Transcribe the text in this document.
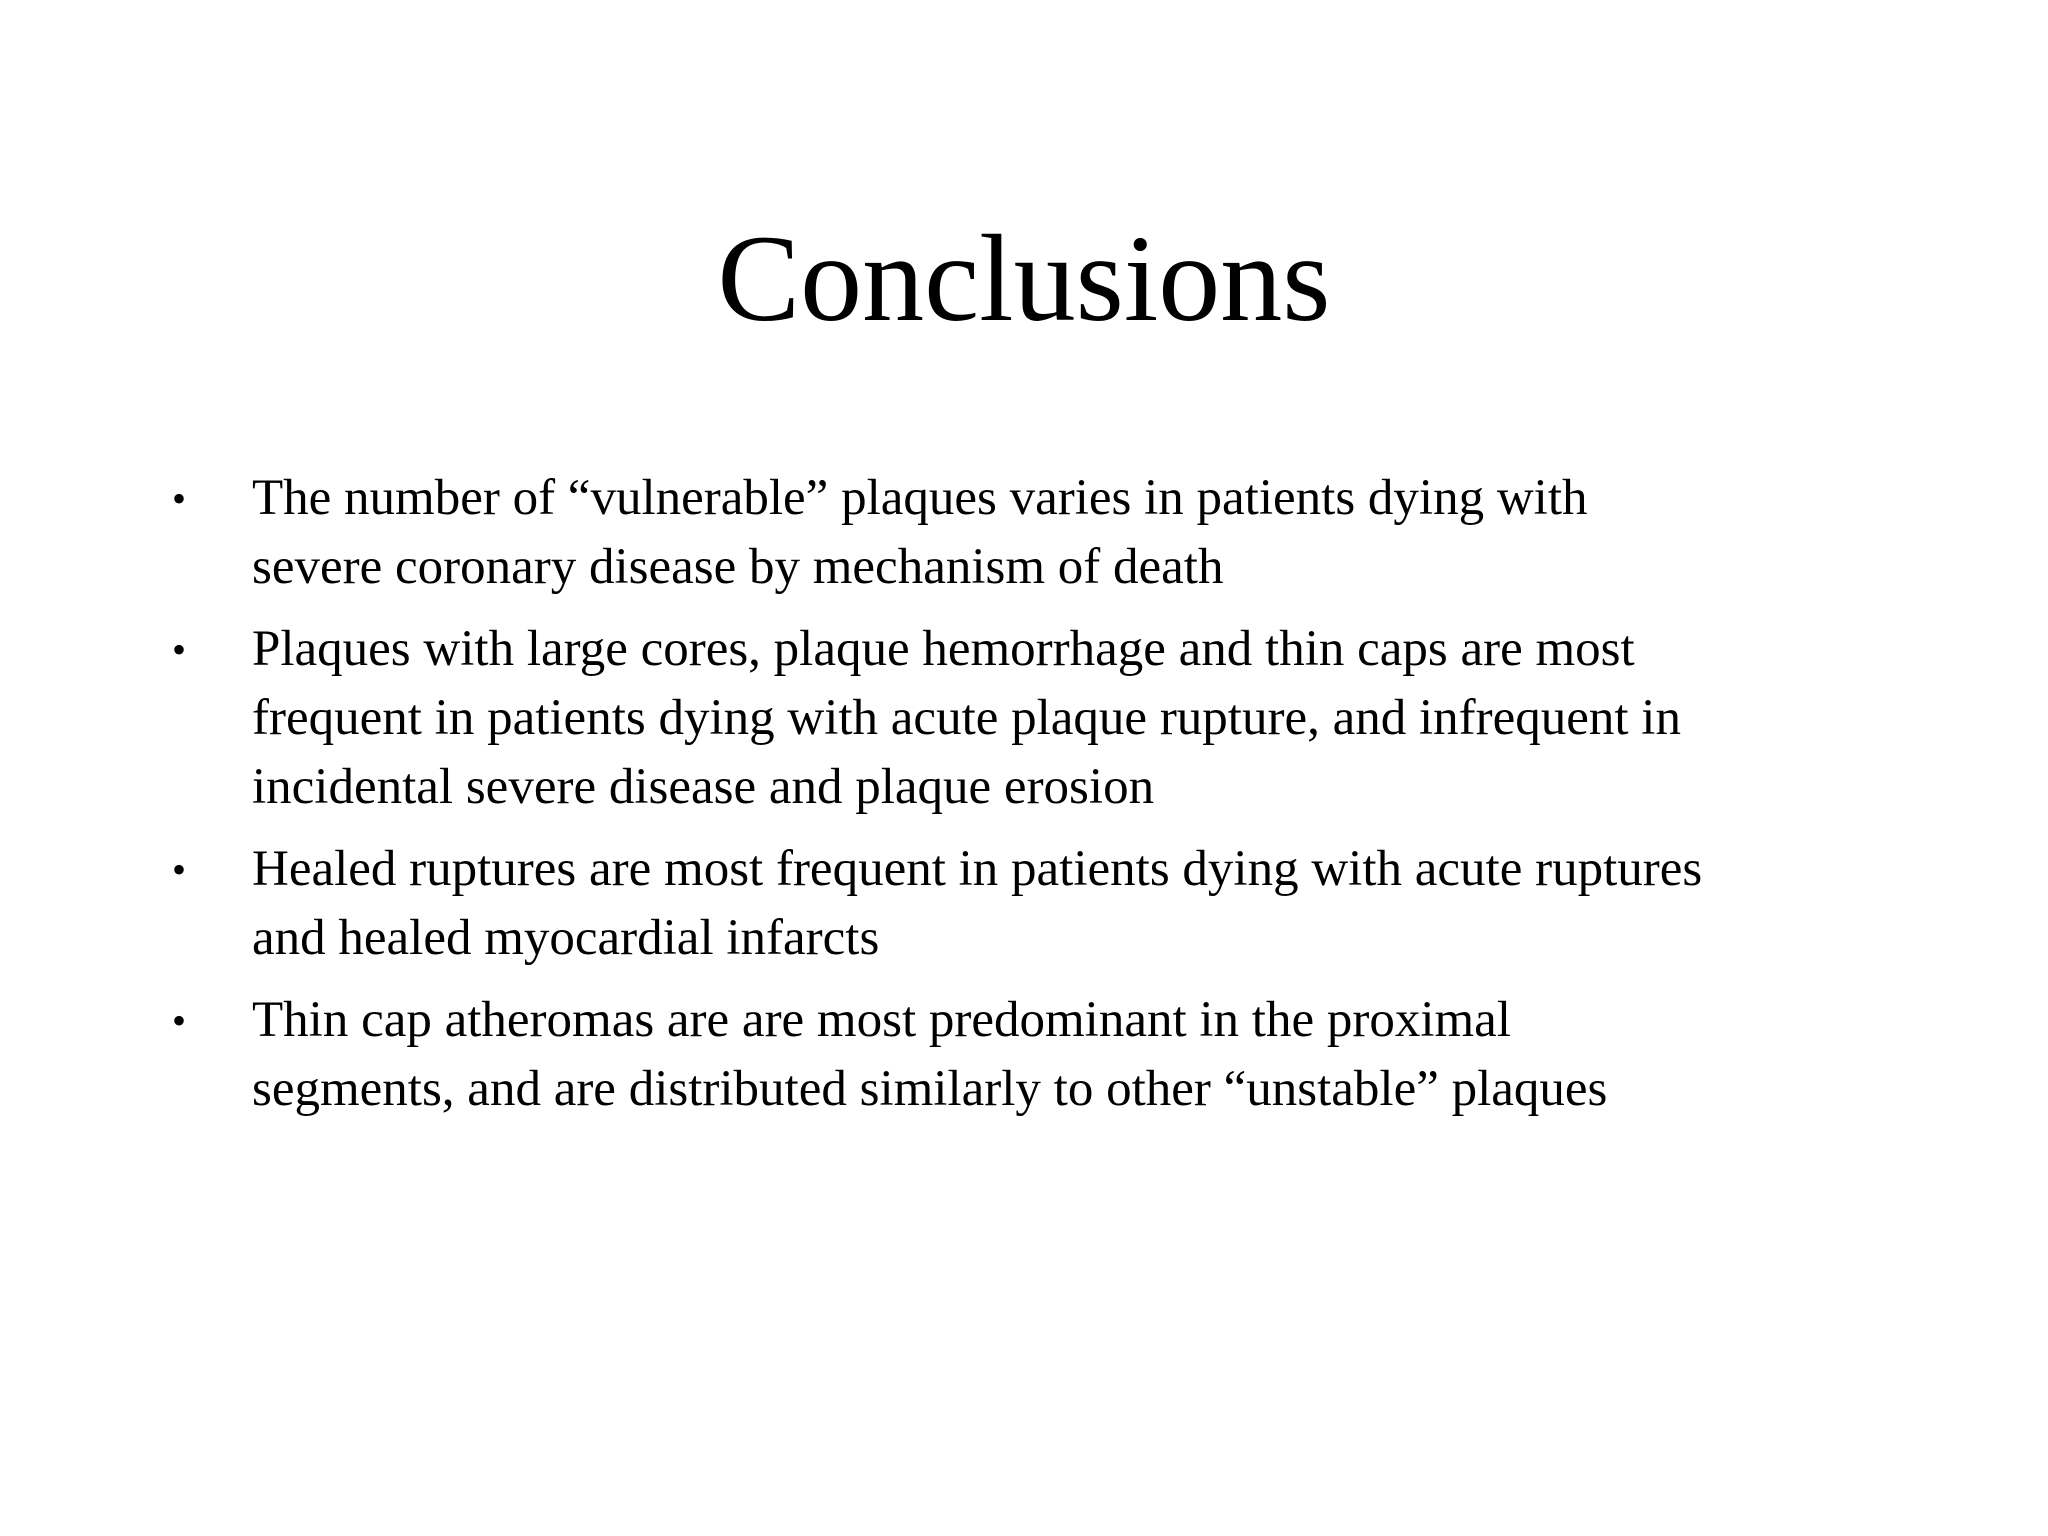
Conclusions
• The number of “vulnerable” plaques varies in patients dying with
severe coronary disease by mechanism of death
• Plaques with large cores, plaque hemorrhage and thin caps are most
frequent in patients dying with acute plaque rupture, and infrequent in
incidental severe disease and plaque erosion
• Healed ruptures are most frequent in patients dying with acute ruptures
and healed myocardial infarcts
• Thin cap atheromas are are most predominant in the proximal
segments, and are distributed similarly to other “unstable” plaques
